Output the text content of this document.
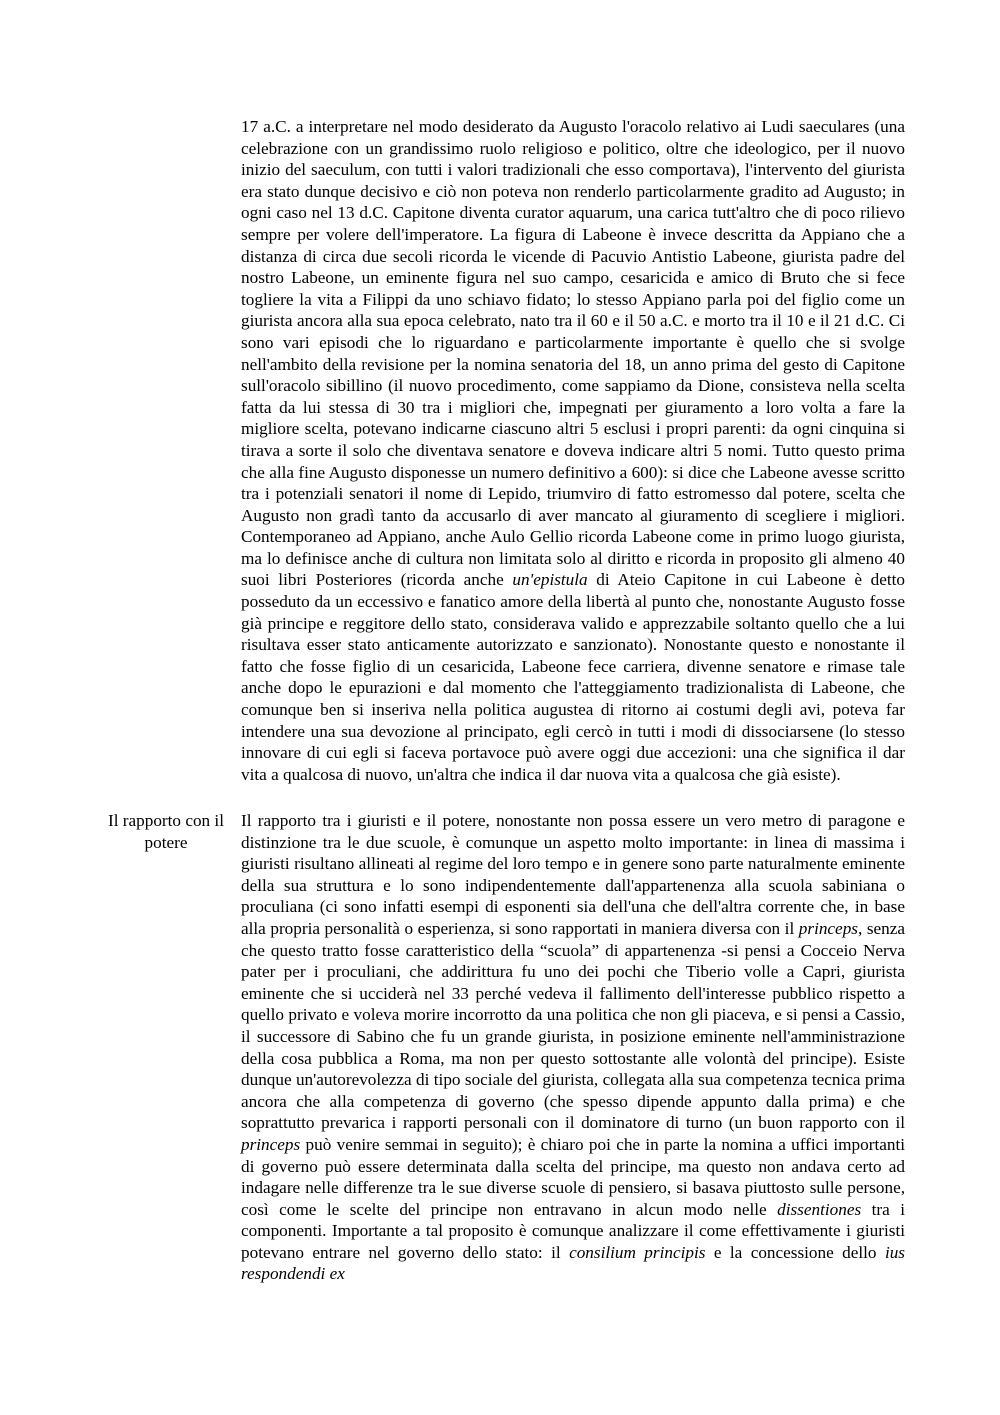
17 a.C. a interpretare nel modo desiderato da Augusto l'oracolo relativo ai Ludi saeculares (una celebrazione con un grandissimo ruolo religioso e politico, oltre che ideologico, per il nuovo inizio del saeculum, con tutti i valori tradizionali che esso comportava), l'intervento del giurista era stato dunque decisivo e ciò non poteva non renderlo particolarmente gradito ad Augusto; in ogni caso nel 13 d.C. Capitone diventa curator aquarum, una carica tutt'altro che di poco rilievo sempre per volere dell'imperatore. La figura di Labeone è invece descritta da Appiano che a distanza di circa due secoli ricorda le vicende di Pacuvio Antistio Labeone, giurista padre del nostro Labeone, un eminente figura nel suo campo, cesaricida e amico di Bruto che si fece togliere la vita a Filippi da uno schiavo fidato; lo stesso Appiano parla poi del figlio come un giurista ancora alla sua epoca celebrato, nato tra il 60 e il 50 a.C. e morto tra il 10 e il 21 d.C. Ci sono vari episodi che lo riguardano e particolarmente importante è quello che si svolge nell'ambito della revisione per la nomina senatoria del 18, un anno prima del gesto di Capitone sull'oracolo sibillino (il nuovo procedimento, come sappiamo da Dione, consisteva nella scelta fatta da lui stessa di 30 tra i migliori che, impegnati per giuramento a loro volta a fare la migliore scelta, potevano indicarne ciascuno altri 5 esclusi i propri parenti: da ogni cinquina si tirava a sorte il solo che diventava senatore e doveva indicare altri 5 nomi. Tutto questo prima che alla fine Augusto disponesse un numero definitivo a 600): si dice che Labeone avesse scritto tra i potenziali senatori il nome di Lepido, triumviro di fatto estromesso dal potere, scelta che Augusto non gradì tanto da accusarlo di aver mancato al giuramento di scegliere i migliori. Contemporaneo ad Appiano, anche Aulo Gellio ricorda Labeone come in primo luogo giurista, ma lo definisce anche di cultura non limitata solo al diritto e ricorda in proposito gli almeno 40 suoi libri Posteriores (ricorda anche un'epistula di Ateio Capitone in cui Labeone è detto posseduto da un eccessivo e fanatico amore della libertà al punto che, nonostante Augusto fosse già principe e reggitore dello stato, considerava valido e apprezzabile soltanto quello che a lui risultava esser stato anticamente autorizzato e sanzionato). Nonostante questo e nonostante il fatto che fosse figlio di un cesaricida, Labeone fece carriera, divenne senatore e rimase tale anche dopo le epurazioni e dal momento che l'atteggiamento tradizionalista di Labeone, che comunque ben si inseriva nella politica augustea di ritorno ai costumi degli avi, poteva far intendere una sua devozione al principato, egli cercò in tutti i modi di dissociarsene (lo stesso innovare di cui egli si faceva portavoce può avere oggi due accezioni: una che significa il dar vita a qualcosa di nuovo, un'altra che indica il dar nuova vita a qualcosa che già esiste).

Il rapporto con il potere

Il rapporto tra i giuristi e il potere, nonostante non possa essere un vero metro di paragone e distinzione tra le due scuole, è comunque un aspetto molto importante: in linea di massima i giuristi risultano allineati al regime del loro tempo e in genere sono parte naturalmente eminente della sua struttura e lo sono indipendentemente dall'appartenenza alla scuola sabiniana o proculiana (ci sono infatti esempi di esponenti sia dell'una che dell'altra corrente che, in base alla propria personalità o esperienza, si sono rapportati in maniera diversa con il princeps, senza che questo tratto fosse caratteristico della “scuola” di appartenenza -si pensi a Cocceio Nerva pater per i proculiani, che addirittura fu uno dei pochi che Tiberio volle a Capri, giurista eminente che si ucciderà nel 33 perché vedeva il fallimento dell'interesse pubblico rispetto a quello privato e voleva morire incorrotto da una politica che non gli piaceva, e si pensi a Cassio, il successore di Sabino che fu un grande giurista, in posizione eminente nell'amministrazione della cosa pubblica a Roma, ma non per questo sottostante alle volontà del principe). Esiste dunque un'autorevolezza di tipo sociale del giurista, collegata alla sua competenza tecnica prima ancora che alla competenza di governo (che spesso dipende appunto dalla prima) e che soprattutto prevarica i rapporti personali con il dominatore di turno (un buon rapporto con il princeps può venire semmai in seguito); è chiaro poi che in parte la nomina a uffici importanti di governo può essere determinata dalla scelta del principe, ma questo non andava certo ad indagare nelle differenze tra le sue diverse scuole di pensiero, si basava piuttosto sulle persone, così come le scelte del principe non entravano in alcun modo nelle dissentiones tra i componenti. Importante a tal proposito è comunque analizzare il come effettivamente i giuristi potevano entrare nel governo dello stato: il consilium principis e la concessione dello ius respondendi ex
